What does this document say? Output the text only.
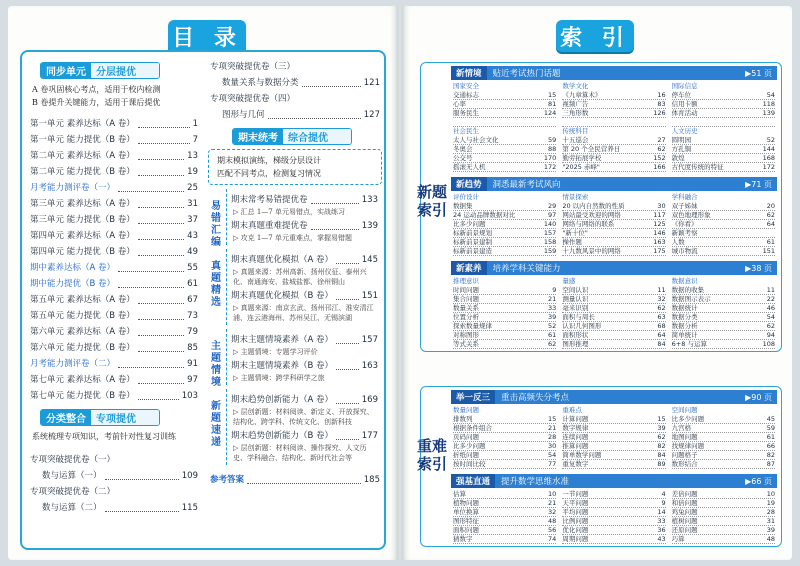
目 录
同步单元	分层提优
A 卷巩固核心考点，适用于校内检测
B 卷提升关键能力，适用于课后提优
第一单元 素养达标（A 卷）	1
第一单元 能力提优（B 卷）	7
第二单元 素养达标（A 卷）	13
第二单元 能力提优（B 卷）	19
月考能力测评卷（一）	25
第三单元 素养达标（A 卷）	31
第三单元 能力提优（B 卷）	37
第四单元 素养达标（A 卷）	43
第四单元 能力提优（B 卷）	49
期中素养达标（A 卷）	55
期中能力提优（B 卷）	61
第五单元 素养达标（A 卷）	67
第五单元 能力提优（B 卷）	73
第六单元 素养达标（A 卷）	79
第六单元 能力提优（B 卷）	85
月考能力测评卷（二）	91
第七单元 素养达标（A 卷）	97
第七单元 能力提优（B 卷）	103
分类整合	专项提优
系统梳理专项知识，考前针对性复习训练
专项突破提优卷（一）
数与运算（一）	109
专项突破提优卷（二）
数与运算（二）	115
专项突破提优卷（三）
数量关系与数据分类	121
专项突破提优卷（四）
图形与几何	127
期末统考	综合提优
期末模拟演练，梯级分层设计
匹配不同考点，检测复习情况
易错汇编
期末常考易错提优卷	133
▷ 汇总 1—7 单元易错点，实战练习
期末真题重难提优卷	139
▷ 攻克 1—7 单元重难点，掌握易错题
真题精选
期末真题优化模拟（A 卷）	145
▷ 真题来源：苏州高新、扬州仪征、泰州兴化、南通海安、盐城盐都、徐州铜山
期末真题优化模拟（B 卷）	151
▷ 真题来源：南京玄武、扬州邗江、淮安清江浦、连云港海州、苏州吴江、无锡滨湖
主题情境
期末主题情境素养（A 卷）	157
▷ 主题情境：专题学习评价
期末主题情境素养（B 卷）	163
▷ 主题情境：跨学科研学之旅
新题速递
期末趋势创新能力（A 卷）	169
▷ 层创新题：材料阅读、新定义、开放探究、结构化、跨学科、传统文化、创新科技
期末趋势创新能力（B 卷）	177
▷ 层创新题：材料阅读、操作探究、人文历史、学科融合、结构化、新时代社会等
参考答案	185
索 引
新题索引
新情境	贴近考试热门话题	▶51 页
国家安全
交通标志	15
心率	81
服务民生	124
社会民生
太人与社会文化	59
冬奥会	88
公交号	170
摇滚无人机	172
数学文化
《九章算术》	16
视频广告	83
三角形数	126
传统科目
十五巡会	27
第 20 个全民营养日	62
勤劳拓展学校	152
"2025 赤峰"	166
国际信息
停车位	54
信用卡额	118
体育活动	139
人文历史
圆明园	52
方孔铜	144
敦煌	168
古代度传统的特征	172
新趋势	洞悉最新考试风向	▶71 页
评价设计
数据集	29
24 运动品牌数据对比	97
比多少问题	140
标新前景规划	157
标新前景建制	158
标新前景建造	159
情景探索
20 以内自然数的性质	30
网站最受欢迎的网络	117
网络与网络的联系	125
"新十位"	146
操作题	163
十九数风景中的网络	175
学科融合
双子姊妹	20
双色地理形象	62
《你看》	64
新颖考察
人数	61
城市物流	151
新素养	培养学科关键能力	▶38 页
推理意识
时间问题	9
集合问题	21
数量关系	33
位置分析	39
探索数量规律	52
对称图形	61
等式关系	62
量感
空间认识	11
测量认识	32
毫米识别	62
面积与周长	63
认识几何图形	68
面积形状	64
图形推理	84
数据意识
数据的收集	11
数据图示表示	22
数据统计	46
数据分类	54
数据分析	62
简单统计	94
6+8 与运算	108
重难索引
举一反三	重击高频失分考点	▶90 页
数量问题
排数列	15
根据条件组合	21
页码问题	28
比多少问题	30
折纸问题	54
按时间比较	77
重难点
计算问题	15
数字规律	39
连续问题	62
推算问题	82
简单数学问题	84
重复数字	89
空间问题
比多少问题	45
九宫格	59
地图问题	61
找规律问题	66
问题格子	82
数形结合	87
强基直通	提升数学思维水准	▶66 页
估算	10
植物问题	21
单位换算	32
图形特征	48
面积问题	56
猜数字	74
一节问题	4
天平问题	9
平均问题	14
比例问题	33
优化问题	36
周期问题	43
差倍问题	10
和倍问题	19
鸡兔问题	28
植树问题	31
还原问题	39
巧算	48
